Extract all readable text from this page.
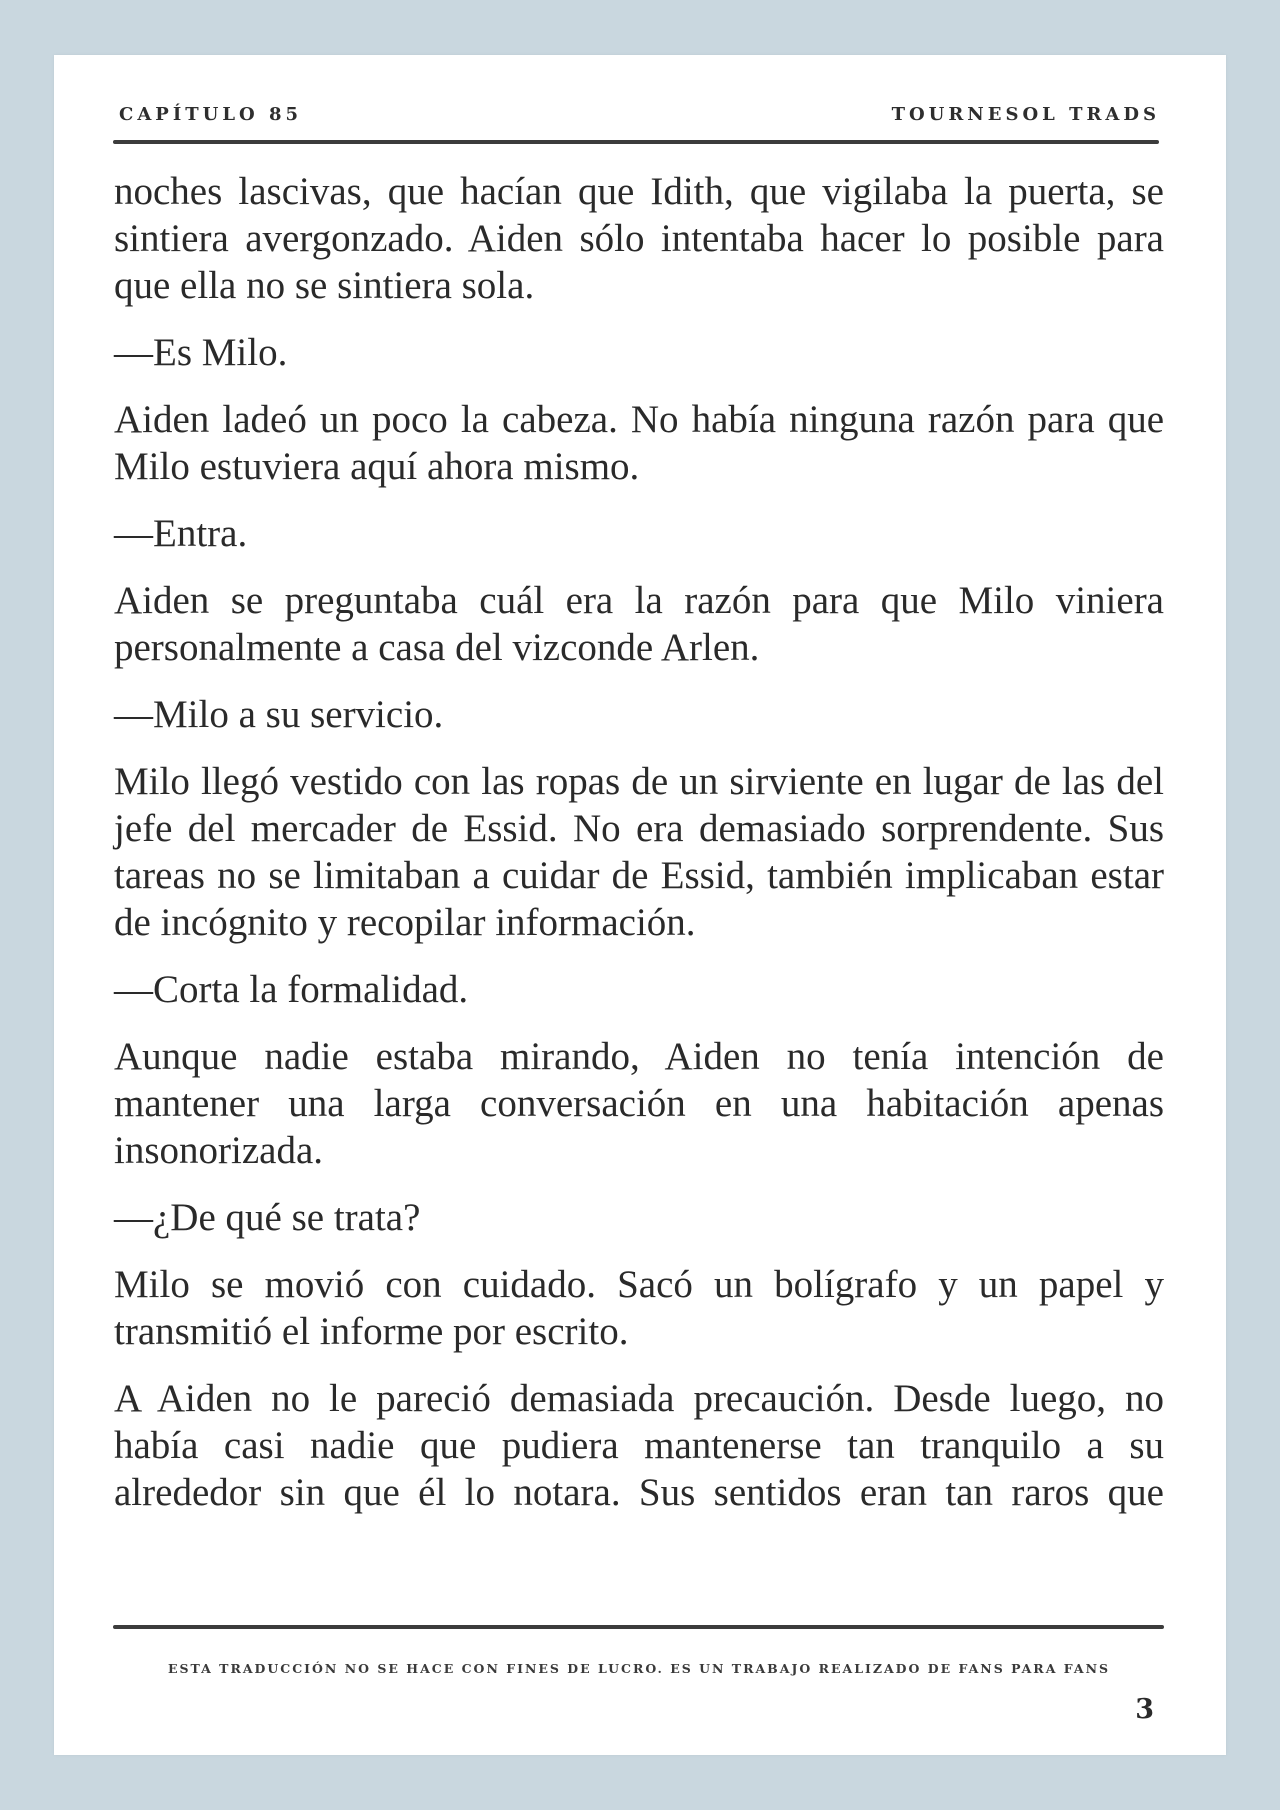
CAPÍTULO 85	TOURNESOL TRADS

noches lascivas, que hacían que Idith, que vigilaba la puerta, se sintiera avergonzado. Aiden sólo intentaba hacer lo posible para que ella no se sintiera sola.

—Es Milo.

Aiden ladeó un poco la cabeza. No había ninguna razón para que Milo estuviera aquí ahora mismo.

—Entra.

Aiden se preguntaba cuál era la razón para que Milo viniera personalmente a casa del vizconde Arlen.

—Milo a su servicio.

Milo llegó vestido con las ropas de un sirviente en lugar de las del jefe del mercader de Essid. No era demasiado sorprendente. Sus tareas no se limitaban a cuidar de Essid, también implicaban estar de incógnito y recopilar información.

—Corta la formalidad.

Aunque nadie estaba mirando, Aiden no tenía intención de mantener una larga conversación en una habitación apenas insonorizada.

—¿De qué se trata?

Milo se movió con cuidado. Sacó un bolígrafo y un papel y transmitió el informe por escrito.

A Aiden no le pareció demasiada precaución. Desde luego, no había casi nadie que pudiera mantenerse tan tranquilo a su alrededor sin que él lo notara. Sus sentidos eran tan raros que

ESTA TRADUCCIÓN NO SE HACE CON FINES DE LUCRO. ES UN TRABAJO REALIZADO DE FANS PARA FANS
3
